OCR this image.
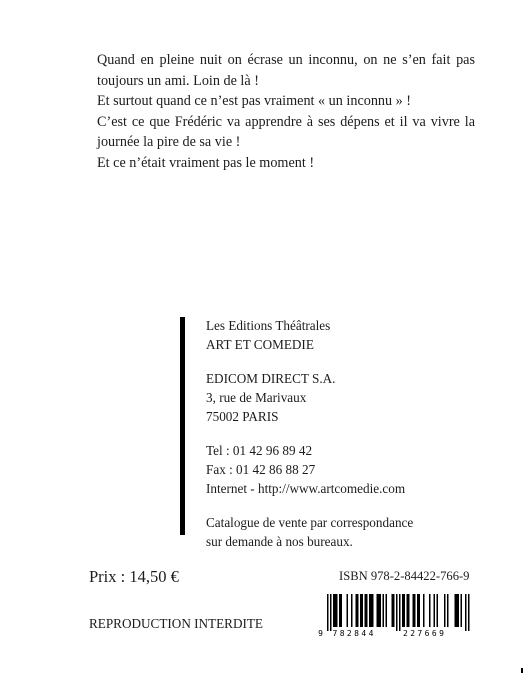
Quand en pleine nuit on écrase un inconnu, on ne s’en fait pas toujours un ami. Loin de là !

Et surtout quand ce n’est pas vraiment « un inconnu » !

C’est ce que Frédéric va apprendre à ses dépens et il va vivre la journée la pire de sa vie !

Et ce n’était vraiment pas le moment !

Les Editions Théâtrales
ART ET COMEDIE
EDICOM DIRECT S.A.
3, rue de Marivaux
75002 PARIS
Tel : 01 42 96 89 42
Fax : 01 42 86 88 27
Internet - http://www.artcomedie.com
Catalogue de vente par correspondance
sur demande à nos bureaux.
Prix : 14,50 €	ISBN 978-2-84422-766-9
REPRODUCTION INTERDITE
9 782844	227669
